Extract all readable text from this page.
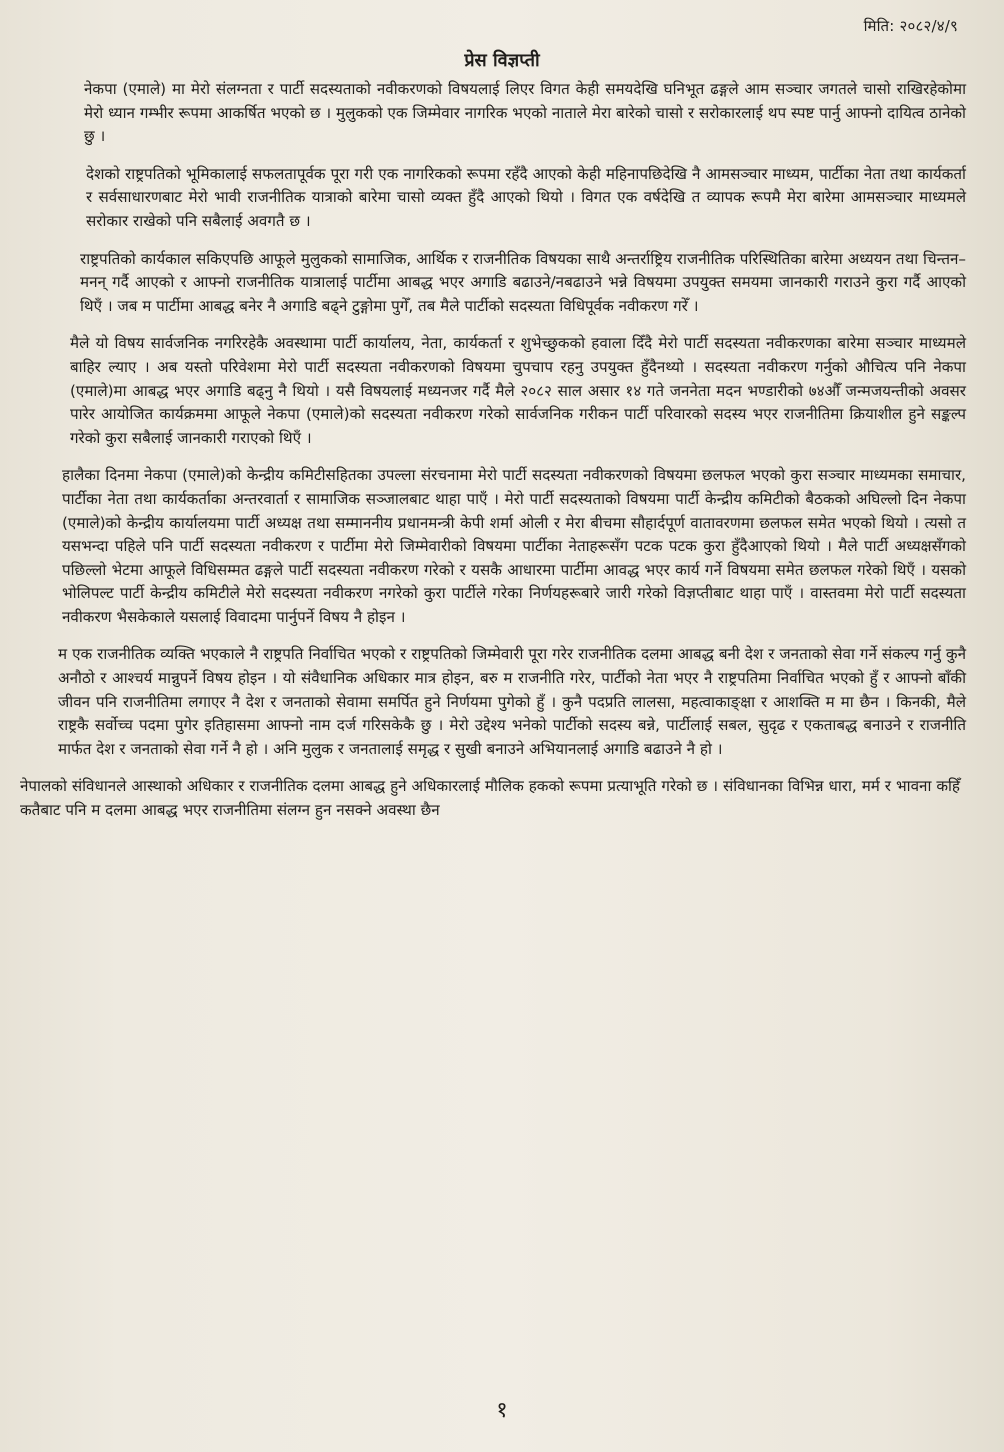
मिति: २०८२/४/९
प्रेस विज्ञप्ती

नेकपा (एमाले) मा मेरो संलग्नता र पार्टी सदस्यताको नवीकरणको विषयलाई लिएर विगत केही समयदेखि घनिभूत ढङ्गले आम सञ्चार जगतले चासो राखिरहेकोमा मेरो ध्यान गम्भीर रूपमा आकर्षित भएको छ । मुलुकको एक जिम्मेवार नागरिक भएको नाताले मेरा बारेको चासो र सरोकारलाई थप स्पष्ट पार्नु आफ्नो दायित्व ठानेको छु ।

देशको राष्ट्रपतिको भूमिकालाई सफलतापूर्वक पूरा गरी एक नागरिकको रूपमा रहँदै आएको केही महिनापछिदेखि नै आमसञ्चार माध्यम, पार्टीका नेता तथा कार्यकर्ता र सर्वसाधारणबाट मेरो भावी राजनीतिक यात्राको बारेमा चासो व्यक्त हुँदै आएको थियो । विगत एक वर्षदेखि त व्यापक रूपमै मेरा बारेमा आमसञ्चार माध्यमले सरोकार राखेको पनि सबैलाई अवगतै छ ।

राष्ट्रपतिको कार्यकाल सकिएपछि आफूले मुलुकको सामाजिक, आर्थिक र राजनीतिक विषयका साथै अन्तर्राष्ट्रिय राजनीतिक परिस्थितिका बारेमा अध्ययन तथा चिन्तन–मनन् गर्दै आएको र आफ्नो राजनीतिक यात्रालाई पार्टीमा आबद्ध भएर अगाडि बढाउने/नबढाउने भन्ने विषयमा उपयुक्त समयमा जानकारी गराउने कुरा गर्दै आएको थिएँ । जब म पार्टीमा आबद्ध बनेर नै अगाडि बढ्ने टुङ्गोमा पुगेँ, तब मैले पार्टीको सदस्यता विधिपूर्वक नवीकरण गरेँ ।

मैले यो विषय सार्वजनिक नगरिरहेकै अवस्थामा पार्टी कार्यालय, नेता, कार्यकर्ता र शुभेच्छुकको हवाला दिँदै मेरो पार्टी सदस्यता नवीकरणका बारेमा सञ्चार माध्यमले बाहिर ल्याए । अब यस्तो परिवेशमा मेरो पार्टी सदस्यता नवीकरणको विषयमा चुपचाप रहनु उपयुक्त हुँदैनथ्यो । सदस्यता नवीकरण गर्नुको औचित्य पनि नेकपा (एमाले)मा आबद्ध भएर अगाडि बढ्नु नै थियो । यसै विषयलाई मध्यनजर गर्दै मैले २०८२ साल असार १४ गते जननेता मदन भण्डारीको ७४औँ जन्मजयन्तीको अवसर पारेर आयोजित कार्यक्रममा आफूले नेकपा (एमाले)को सदस्यता नवीकरण गरेको सार्वजनिक गरीकन पार्टी परिवारको सदस्य भएर राजनीतिमा क्रियाशील हुने सङ्कल्प गरेको कुरा सबैलाई जानकारी गराएको थिएँ ।

हालैका दिनमा नेकपा (एमाले)को केन्द्रीय कमिटीसहितका उपल्ला संरचनामा मेरो पार्टी सदस्यता नवीकरणको विषयमा छलफल भएको कुरा सञ्चार माध्यमका समाचार, पार्टीका नेता तथा कार्यकर्ताका अन्तरवार्ता र सामाजिक सञ्जालबाट थाहा पाएँ । मेरो पार्टी सदस्यताको विषयमा पार्टी केन्द्रीय कमिटीको बैठकको अघिल्लो दिन नेकपा (एमाले)को केन्द्रीय कार्यालयमा पार्टी अध्यक्ष तथा सम्माननीय प्रधानमन्त्री केपी शर्मा ओली र मेरा बीचमा सौहार्दपूर्ण वातावरणमा छलफल समेत भएको थियो । त्यसो त यसभन्दा पहिले पनि पार्टी सदस्यता नवीकरण र पार्टीमा मेरो जिम्मेवारीको विषयमा पार्टीका नेताहरूसँग पटक पटक कुरा हुँदैआएको थियो । मैले पार्टी अध्यक्षसँगको पछिल्लो भेटमा आफूले विधिसम्मत ढङ्गले पार्टी सदस्यता नवीकरण गरेको र यसकै आधारमा पार्टीमा आवद्ध भएर कार्य गर्ने विषयमा समेत छलफल गरेको थिएँ । यसको भोलिपल्ट पार्टी केन्द्रीय कमिटीले मेरो सदस्यता नवीकरण नगरेको कुरा पार्टीले गरेका निर्णयहरूबारे जारी गरेको विज्ञप्तीबाट थाहा पाएँ । वास्तवमा मेरो पार्टी सदस्यता नवीकरण भैसकेकाले यसलाई विवादमा पार्नुपर्ने विषय नै होइन ।

म एक राजनीतिक व्यक्ति भएकाले नै राष्ट्रपति निर्वाचित भएको र राष्ट्रपतिको जिम्मेवारी पूरा गरेर राजनीतिक दलमा आबद्ध बनी देश र जनताको सेवा गर्ने संकल्प गर्नु कुनै अनौठो र आश्चर्य मान्नुपर्ने विषय होइन । यो संवैधानिक अधिकार मात्र होइन, बरु म राजनीति गरेर, पार्टीको नेता भएर नै राष्ट्रपतिमा निर्वाचित भएको हुँ र आफ्नो बाँकी जीवन पनि राजनीतिमा लगाएर नै देश र जनताको सेवामा समर्पित हुने निर्णयमा पुगेको हुँ । कुनै पदप्रति लालसा, महत्वाकाङ्क्षा र आशक्ति म मा छैन । किनकी, मैले राष्ट्रकै सर्वोच्च पदमा पुगेर इतिहासमा आफ्नो नाम दर्ज गरिसकेकै छु । मेरो उद्देश्य भनेको पार्टीको सदस्य बन्ने, पार्टीलाई सबल, सुदृढ र एकताबद्ध बनाउने र राजनीति मार्फत देश र जनताको सेवा गर्ने नै हो । अनि मुलुक र जनतालाई समृद्ध र सुखी बनाउने अभियानलाई अगाडि बढाउने नै हो ।

नेपालको संविधानले आस्थाको अधिकार र राजनीतिक दलमा आबद्ध हुने अधिकारलाई मौलिक हकको रूपमा प्रत्याभूति गरेको छ । संविधानका विभिन्न धारा, मर्म र भावना कहिँ कतैबाट पनि म दलमा आबद्ध भएर राजनीतिमा संलग्न हुन नसक्ने अवस्था छैन

१
